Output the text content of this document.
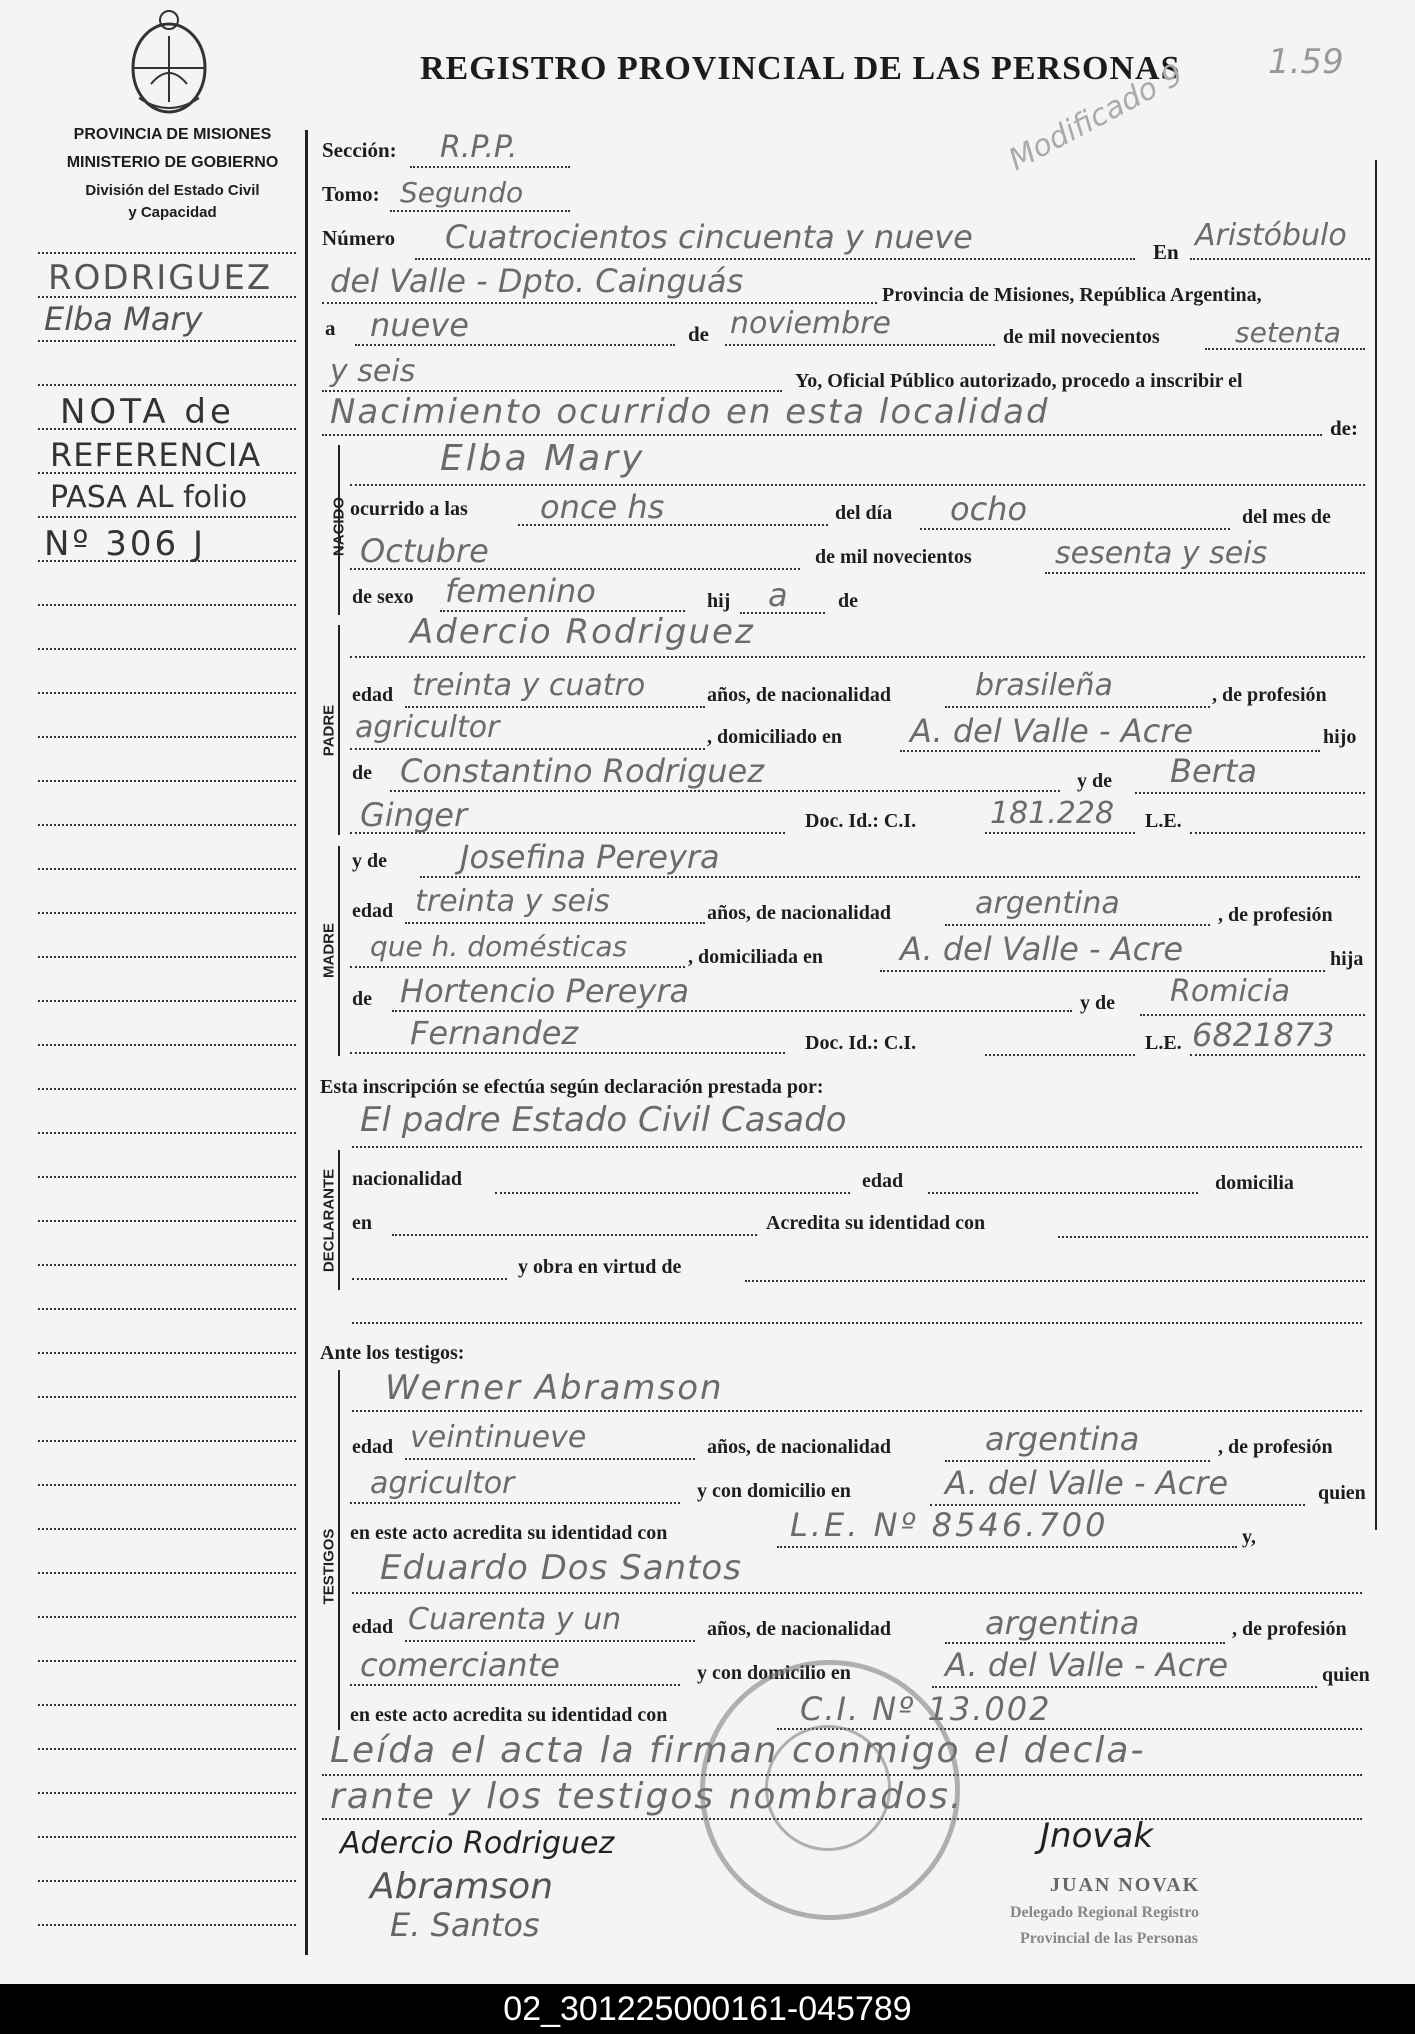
REGISTRO PROVINCIAL DE LAS PERSONAS	1.59
Modificado 9
PROVINCIA DE MISIONES
MINISTERIO DE GOBIERNO
División del Estado Civil
y Capacidad
RODRIGUEZ
Elba Mary
NOTA de
REFERENCIA
PASA AL folio
Nº 306 J
Sección: R.P.P.
Tomo: Segundo
Número Cuatrocientos cincuenta y nueve	En Aristóbulo
del Valle - Dpto. Cainguás	Provincia de Misiones, República Argentina,
a nueve	de noviembre	de mil novecientos	setenta
y seis	Yo, Oficial Público autorizado, procedo a inscribir el
Nacimiento ocurrido en esta localidad	de:
NACIDO
Elba Mary
ocurrido a las once hs	del día ocho	del mes de
Octubre	de mil novecientos	sesenta y seis
de sexo femenino	hij a	de
PADRE
Adercio Rodriguez
edad treinta y cuatro	años, de nacionalidad	brasileña	, de profesión
agricultor	, domiciliado en A. del Valle - Acre	hijo
de Constantino Rodriguez	y de Berta
Ginger	Doc. Id.: C.I. 181.228 L.E.
MADRE
y de Josefina Pereyra
edad treinta y seis	años, de nacionalidad	argentina	, de profesión
que h. domésticas	, domiciliada en A. del Valle - Acre	hija
de Hortencio Pereyra	y de Romicia
Fernandez	Doc. Id.: C.I.	L.E. 6821873
Esta inscripción se efectúa según declaración prestada por:
El padre Estado Civil Casado
DECLARANTE nacionalidad	edad	domicilia
en	Acredita su identidad con
y obra en virtud de
Ante los testigos:
TESTIGOS
Werner Abramson
edad veintinueve	años, de nacionalidad	argentina	, de profesión
agricultor	y con domicilio en	A. del Valle - Acre	quien
en este acto acredita su identidad con	L.E. Nº 8546.700	y,
Eduardo Dos Santos
edad Cuarenta y un	años, de nacionalidad	argentina	, de profesión
comerciante	y con domicilio en	A. del Valle - Acre	quien
en este acto acredita su identidad con	C.I. Nº 13.002
Leída el acta la firman conmigo el decla-
rante y los testigos nombrados.
Adercio Rodriguez
Abramson
E. Santos
Jnovak
JUAN NOVAK
Delegado Regional Registro
Provincial de las Personas
02_301225000161-045789
